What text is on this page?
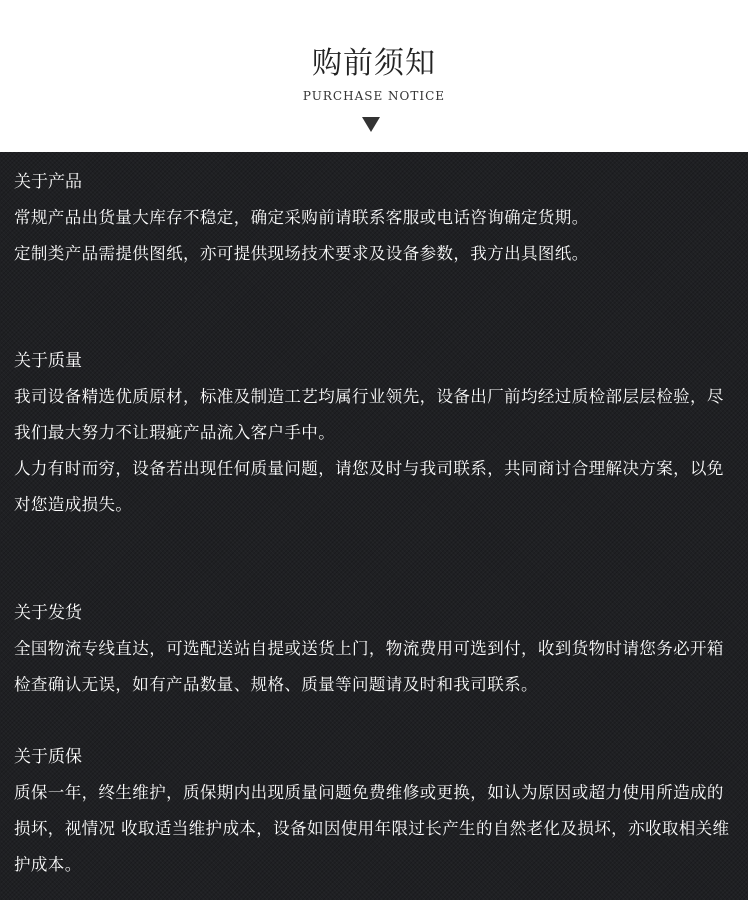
购前须知
PURCHASE NOTICE
关于产品
常规产品出货量大库存不稳定，确定采购前请联系客服或电话咨询确定货期。
定制类产品需提供图纸，亦可提供现场技术要求及设备参数，我方出具图纸。
关于质量
我司设备精选优质原材，标准及制造工艺均属行业领先，设备出厂前均经过质检部层层检验，尽我们最大努力不让瑕疵产品流入客户手中。
人力有时而穷，设备若出现任何质量问题，请您及时与我司联系，共同商讨合理解决方案，以免对您造成损失。
关于发货
全国物流专线直达，可选配送站自提或送货上门，物流费用可选到付，收到货物时请您务必开箱检查确认无误，如有产品数量、规格、质量等问题请及时和我司联系。
关于质保
质保一年，终生维护，质保期内出现质量问题免费维修或更换，如认为原因或超力使用所造成的损坏，视情况 收取适当维护成本，设备如因使用年限过长产生的自然老化及损坏，亦收取相关维护成本。
